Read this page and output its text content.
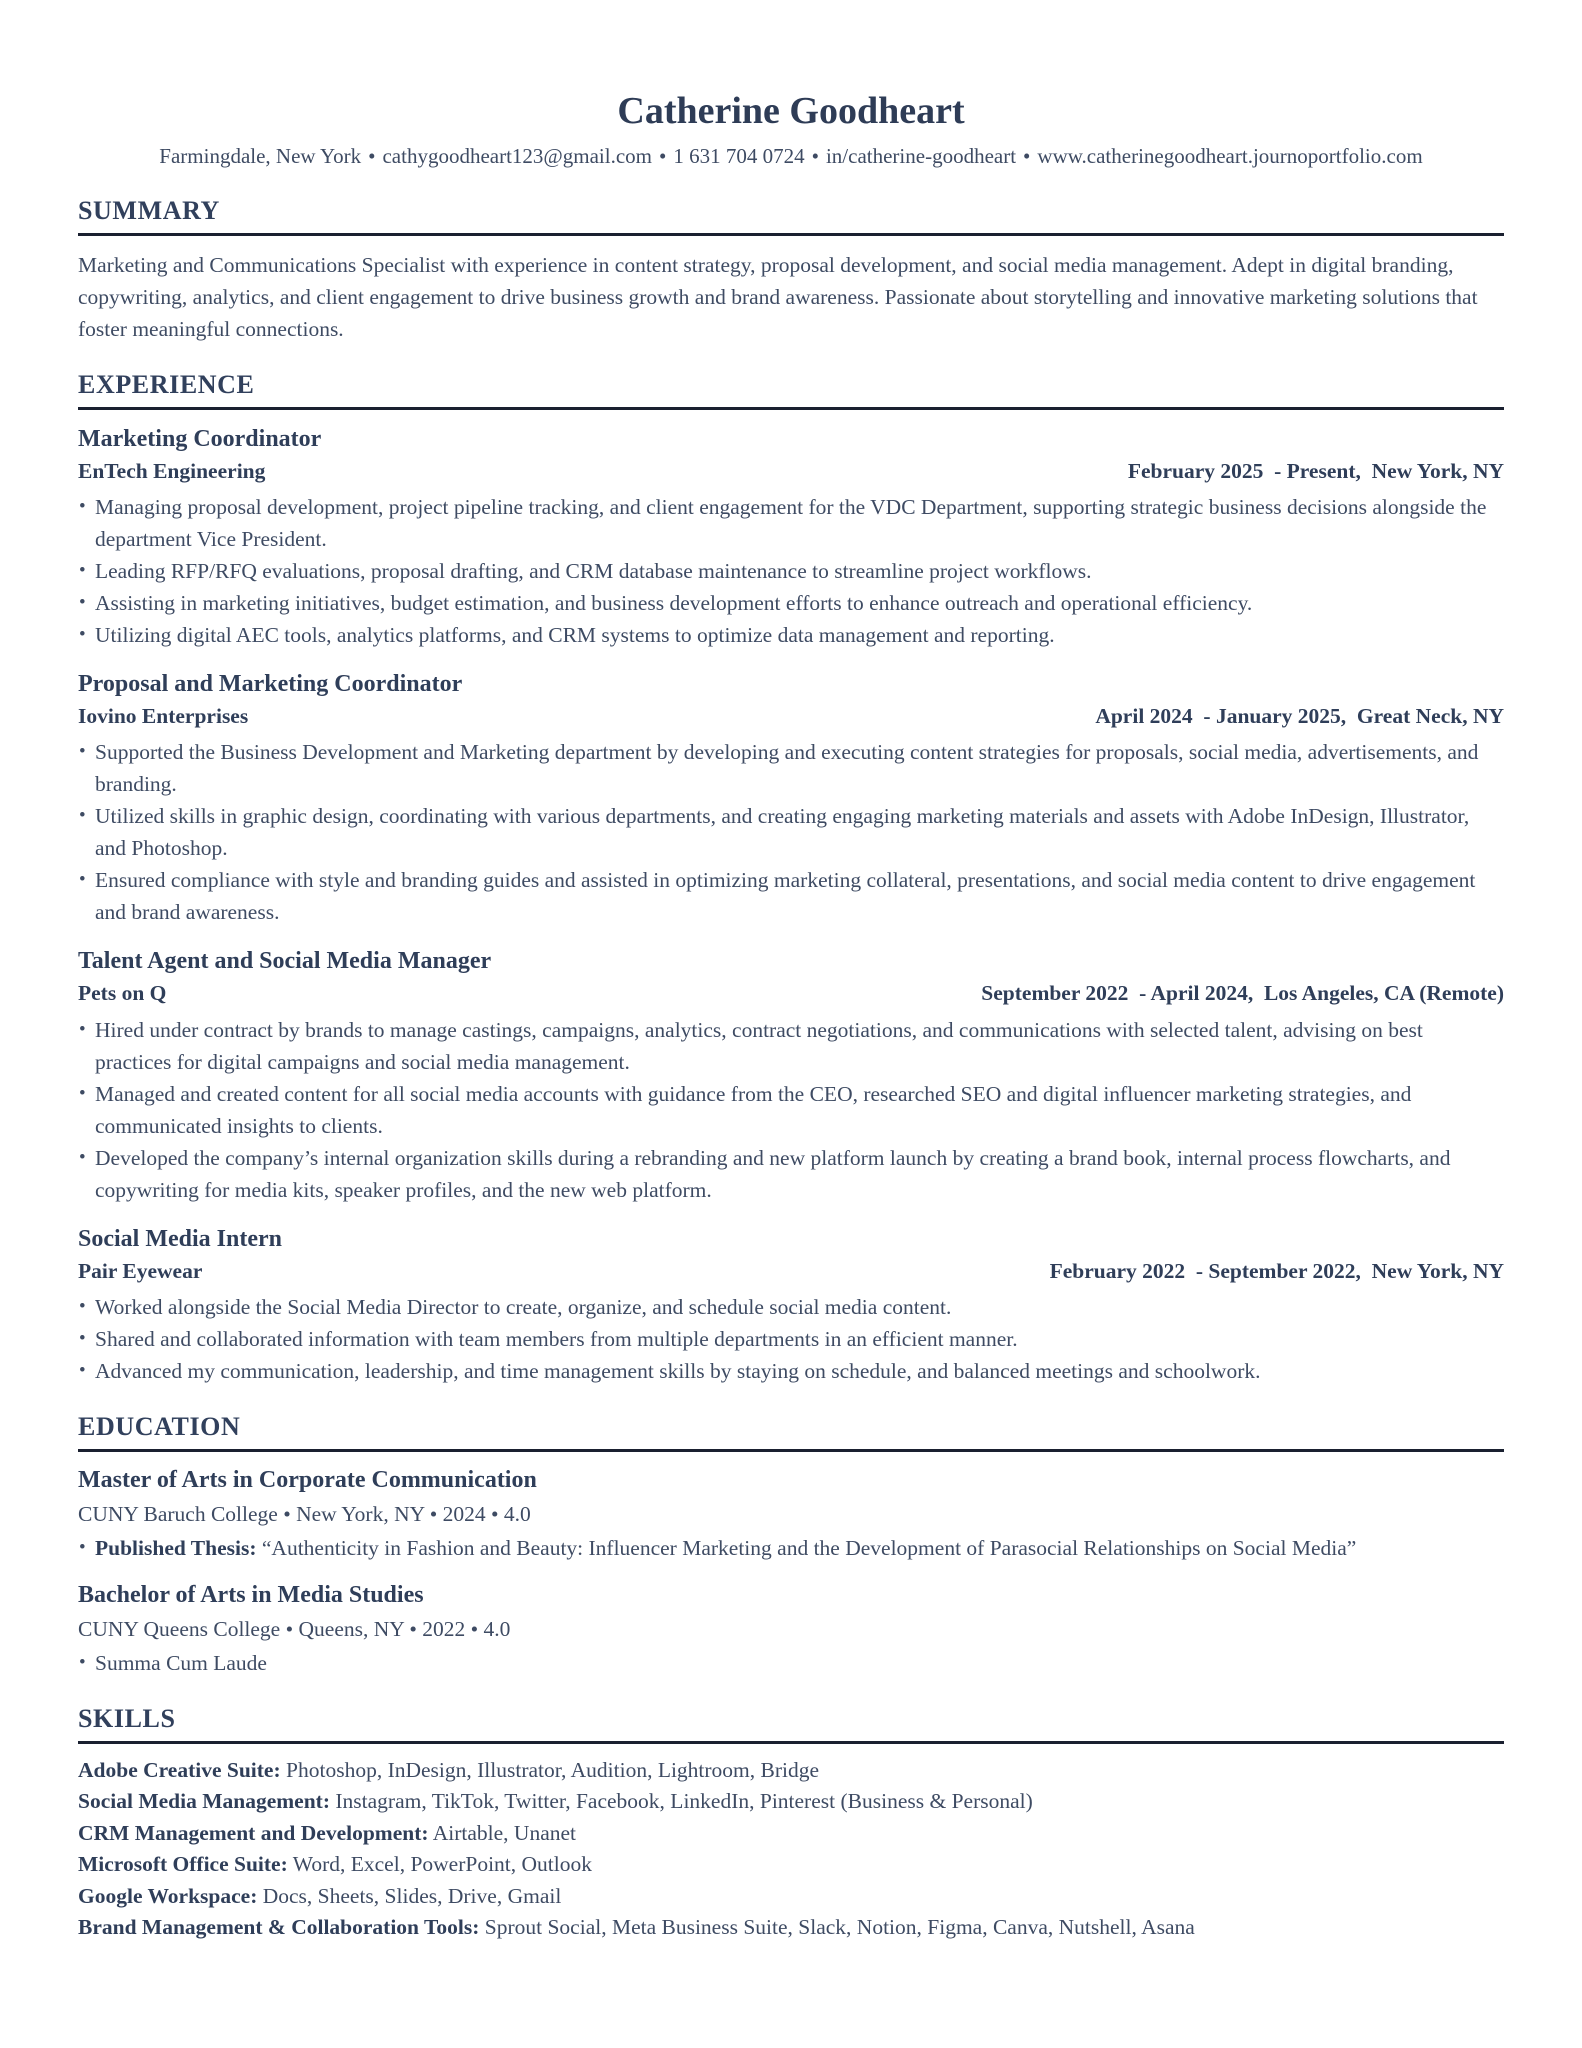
Catherine Goodheart
Farmingdale, New York • cathygoodheart123@gmail.com • 1 631 704 0724 • in/catherine-goodheart • www.catherinegoodheart.journoportfolio.com
SUMMARY

Marketing and Communications Specialist with experience in content strategy, proposal development, and social media management. Adept in digital branding, copywriting, analytics, and client engagement to drive business growth and brand awareness. Passionate about storytelling and innovative marketing solutions that foster meaningful connections.

EXPERIENCE
Marketing Coordinator
EnTech Engineering	February 2025  - Present,  New York, NY
• Managing proposal development, project pipeline tracking, and client engagement for the VDC Department, supporting strategic business decisions alongside the department Vice President.
• Leading RFP/RFQ evaluations, proposal drafting, and CRM database maintenance to streamline project workflows.
• Assisting in marketing initiatives, budget estimation, and business development efforts to enhance outreach and operational efficiency.
• Utilizing digital AEC tools, analytics platforms, and CRM systems to optimize data management and reporting.
Proposal and Marketing Coordinator
Iovino Enterprises	April 2024  - January 2025,  Great Neck, NY
• Supported the Business Development and Marketing department by developing and executing content strategies for proposals, social media, advertisements, and branding.
• Utilized skills in graphic design, coordinating with various departments, and creating engaging marketing materials and assets with Adobe InDesign, Illustrator, and Photoshop.
• Ensured compliance with style and branding guides and assisted in optimizing marketing collateral, presentations, and social media content to drive engagement and brand awareness.
Talent Agent and Social Media Manager
Pets on Q	September 2022  - April 2024,  Los Angeles, CA (Remote)
• Hired under contract by brands to manage castings, campaigns, analytics, contract negotiations, and communications with selected talent, advising on best practices for digital campaigns and social media management.
• Managed and created content for all social media accounts with guidance from the CEO, researched SEO and digital influencer marketing strategies, and communicated insights to clients.
• Developed the company’s internal organization skills during a rebranding and new platform launch by creating a brand book, internal process flowcharts, and copywriting for media kits, speaker profiles, and the new web platform.
Social Media Intern
Pair Eyewear	February 2022  - September 2022,  New York, NY
• Worked alongside the Social Media Director to create, organize, and schedule social media content.
• Shared and collaborated information with team members from multiple departments in an efficient manner.
• Advanced my communication, leadership, and time management skills by staying on schedule, and balanced meetings and schoolwork.
EDUCATION
Master of Arts in Corporate Communication

CUNY Baruch College • New York, NY • 2024 • 4.0

• Published Thesis: “Authenticity in Fashion and Beauty: Influencer Marketing and the Development of Parasocial Relationships on Social Media”
Bachelor of Arts in Media Studies

CUNY Queens College • Queens, NY • 2022 • 4.0

• Summa Cum Laude
SKILLS

Adobe Creative Suite: Photoshop, InDesign, Illustrator, Audition, Lightroom, Bridge

Social Media Management: Instagram, TikTok, Twitter, Facebook, LinkedIn, Pinterest (Business & Personal)

CRM Management and Development: Airtable, Unanet

Microsoft Office Suite: Word, Excel, PowerPoint, Outlook

Google Workspace: Docs, Sheets, Slides, Drive, Gmail

Brand Management & Collaboration Tools: Sprout Social, Meta Business Suite, Slack, Notion, Figma, Canva, Nutshell, Asana
